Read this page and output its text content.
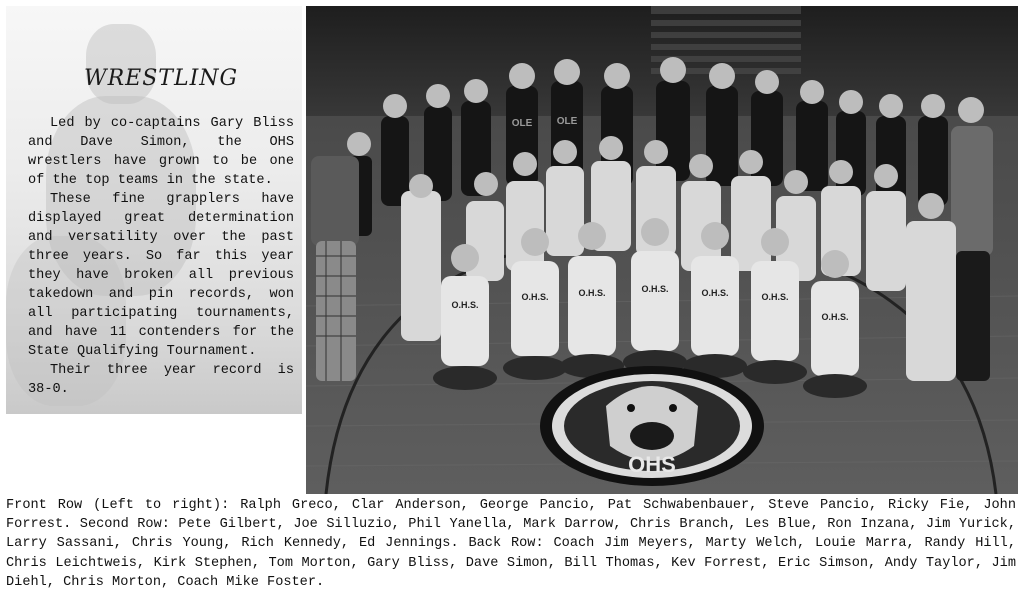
WRESTLING

Led by co-captains Gary Bliss and Dave Simon, the OHS wrestlers have grown to be one of the top teams in the state.

These fine grapplers have displayed great determination and versatility over the past three years. So far this year they have broken all previous takedown and pin records, won all participating tournaments, and have 11 contenders for the State Qualifying Tournament.

Their three year record is 38-0.

O.H.S.
O.H.S.	O.H.S.	O.H.S.	O.H.S.	O.H.S.
O.H.S.
OLE OLE
OHS
Front Row (Left to right): Ralph Greco, Clar Anderson, George Pancio, Pat Schwabenbauer, Steve Pancio, Ricky Fie, John Forrest. Second Row: Pete Gilbert, Joe Silluzio, Phil Yanella, Mark Darrow, Chris Branch, Les Blue, Ron Inzana, Jim Yurick, Larry Sassani, Chris Young, Rich Kennedy, Ed Jennings. Back Row: Coach Jim Meyers, Marty Welch, Louie Marra, Randy Hill, Chris Leichtweis, Kirk Stephen, Tom Morton, Gary Bliss, Dave Simon, Bill Thomas, Kev Forrest, Eric Simson, Andy Taylor, Jim Diehl, Chris Morton, Coach Mike Foster.
